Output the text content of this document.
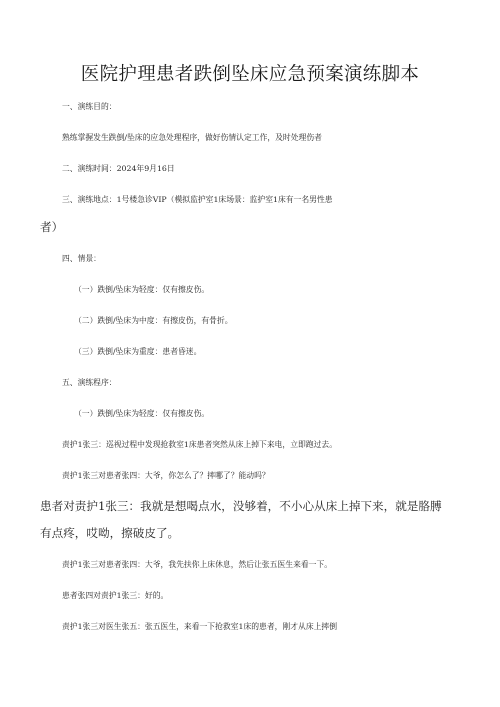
医院护理患者跌倒坠床应急预案演练脚本
一、演练目的：
熟练掌握发生跌倒/坠床的应急处理程序，做好伤情认定工作，及时处理伤者
二、演练时间：2024年9月16日
三、演练地点：1号楼急诊VIP（模拟监护室1床场景：监护室1床有一名男性患
者）
四、情景：
（一）跌倒/坠床为轻度：仅有擦皮伤。
（二）跌倒/坠床为中度：有擦皮伤，有骨折。
（三）跌倒/坠床为重度：患者昏迷。
五、演练程序：
（一）跌倒/坠床为轻度：仅有擦皮伤。
责护1张三：巡视过程中发现抢救室1床患者突然从床上掉下来电，立即跑过去。
责护1张三对患者张四：大爷，你怎么了？摔哪了？能动吗？
患者对责护1张三：我就是想喝点水，没够着，不小心从床上掉下来，就是胳膊
有点疼，哎呦，擦破皮了。
责护1张三对患者张四：大爷，我先扶你上床休息，然后让张五医生来看一下。
患者张四对责护1张三：好的。
责护1张三对医生张五：张五医生，来看一下抢救室1床的患者，刚才从床上摔倒
